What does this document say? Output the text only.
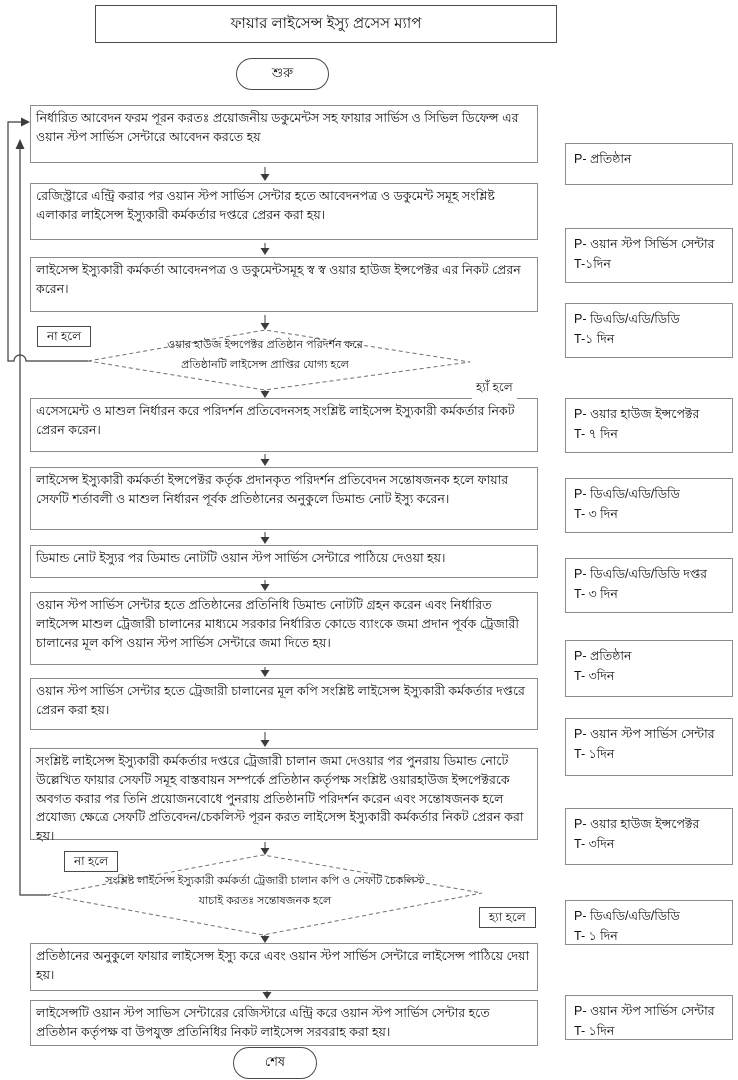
ফায়ার লাইসেন্স ইস্যু প্রসেস ম্যাপ
শুরু
নির্ধারিত আবেদন ফরম পূরন করতঃ প্রয়োজনীয় ডকুমেন্টস সহ ফায়ার সার্ভিস ও সিভিল ডিফেন্স এর ওয়ান স্টপ সার্ভিস সেন্টারে আবেদন করতে হয়
রেজিস্ট্রারে এন্ট্রি করার পর ওয়ান স্টপ সার্ভিস সেন্টার হতে আবেদনপত্র ও ডকুমেন্ট সমূহ সংশ্লিষ্ট এলাকার লাইসেন্স ইস্যুকারী কর্মকর্তার দপ্তরে প্রেরন করা হয়।
লাইসেন্স ইস্যুকারী কর্মকর্তা আবেদনপত্র ও ডকুমেন্টসমূহ স্ব স্ব ওয়ার হাউজ ইন্সপেক্টর এর নিকট প্রেরন করেন।
এসেসমেন্ট ও মাশুল নির্ধারন করে পরিদর্শন প্রতিবেদনসহ সংশ্লিষ্ট লাইসেন্স ইস্যুকারী কর্মকর্তার নিকট প্রেরন করেন।
লাইসেন্স ইস্যুকারী কর্মকর্তা ইন্সপেক্টর কর্তৃক প্রদানকৃত পরিদর্শন প্রতিবেদন সন্তোষজনক হলে ফায়ার সেফটি শর্তাবলী ও মাশুল নির্ধারন পূর্বক প্রতিষ্ঠানের অনুকুলে ডিমান্ড নোট ইস্যু করেন।
ডিমান্ড নোট ইস্যুর পর ডিমান্ড নোটটি ওয়ান স্টপ সার্ভিস সেন্টারে পাঠিয়ে দেওয়া হয়।
ওয়ান স্টপ সার্ভিস সেন্টার হতে প্রতিষ্ঠানের প্রতিনিধি ডিমান্ড নোটটি গ্রহন করেন এবং নির্ধারিত লাইসেন্স মাশুল ট্রেজারী চালানের মাধ্যমে সরকার নির্ধারিত কোডে ব্যাংকে জমা প্রদান পূর্বক ট্রেজারী চালানের মূল কপি ওয়ান স্টপ সার্ভিস সেন্টারে জমা দিতে হয়।
ওয়ান স্টপ সার্ভিস সেন্টার হতে ট্রেজারী চালানের মূল কপি সংশ্লিষ্ট লাইসেন্স ইস্যুকারী কর্মকর্তার দপ্তরে প্রেরন করা হয়।
সংশ্লিষ্ট লাইসেন্স ইস্যুকারী কর্মকর্তার দপ্তরে ট্রেজারী চালান জমা দেওয়ার পর পুনরায় ডিমান্ড নোটে উল্লেখিত ফায়ার সেফটি সমূহ বাস্তবায়ন সম্পর্কে প্রতিষ্ঠান কর্তৃপক্ষ সংশ্লিষ্ট ওয়ারহাউজ ইন্সপেক্টরকে অবগত করার পর তিনি প্রয়োজনবোধে পুনরায় প্রতিষ্ঠানটি পরিদর্শন করেন এবং সন্তোষজনক হলে প্রযোজ্য ক্ষেত্রে সেফটি প্রতিবেদন/চেকলিস্ট পূরন করত লাইসেন্স ইস্যুকারী কর্মকর্তার নিকট প্রেরন করা হয়।
প্রতিষ্ঠানের অনুকুলে ফায়ার লাইসেন্স ইস্যু করে এবং ওয়ান স্টপ সার্ভিস সেন্টারে লাইসেন্স পাঠিয়ে দেয়া হয়।
লাইসেন্সটি ওয়ান স্টপ সাভিস সেন্টারের রেজিস্টারে এন্ট্রি করে ওয়ান স্টপ সার্ভিস সেন্টার হতে প্রতিষ্ঠান কর্তৃপক্ষ বা উপযুক্ত প্রতিনিধির নিকট লাইসেন্স সরবরাহ করা হয়।
ওয়ার হাউজ ইন্সপেক্টর প্রতিষ্ঠান পরিদর্শন করে
প্রতিষ্ঠানটি লাইসেন্স প্রাপ্তির যোগ্য হলে
না হলে
হ্যাঁ হলে
সংশ্লিষ্ট লাইসেন্স ইস্যুকারী কর্মকর্তা ট্রেজারী চালান কপি ও সেফটি চেকলিস্ট
যাচাই করতঃ সন্তোষজনক হলে
না হলে
হ্যা হলে
P- প্রতিষ্ঠান
P- ওয়ান স্টপ সির্ভিস সেন্টার
T-১দিন
P- ডিএডি/এডি/ডিডি
T-১ দিন
P- ওয়ার হাউজ ইন্সপেক্টর
T- ৭ দিন
P- ডিএডি/এডি/ডিডি
T- ৩ দিন
P- ডিএডি/এডি/ডিডি দপ্তর
T- ৩ দিন
P- প্রতিষ্ঠান
T- ৩দিন
P- ওয়ান স্টপ সার্ভিস সেন্টার
T- ১দিন
P- ওয়ার হাউজ ইন্সপেক্টর
T- ৩দিন
P- ডিএডি/এডি/ডিডি
T- ১ দিন
P- ওয়ান স্টপ সার্ভিস সেন্টার
T- ১দিন
শেষ
